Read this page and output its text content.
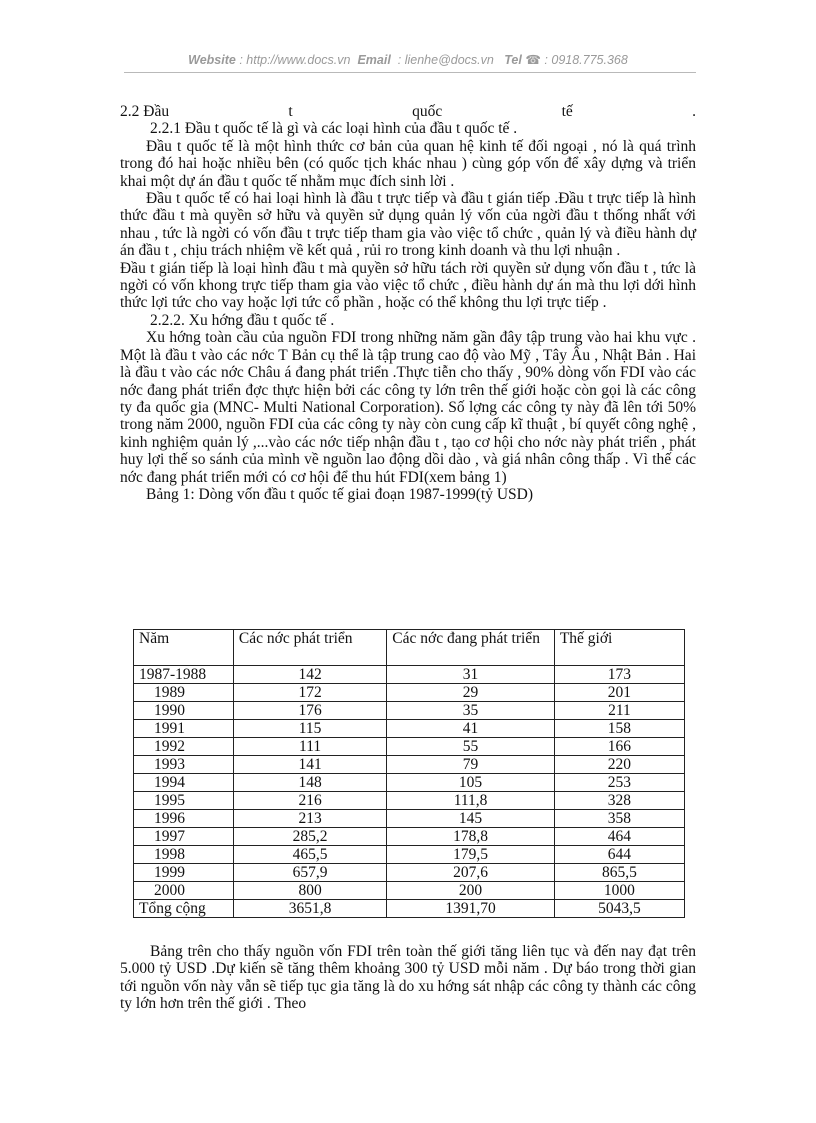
Website : http://www.docs.vn Email : lienhe@docs.vn Tel ☎ : 0918.775.368

2.2 Đầu	t	quốc	tế	.

2.2.1 Đầu t quốc tế là gì và các loại hình của đầu t quốc tế .

Đầu t quốc tế là một hình thức cơ bản của quan hệ kinh tế đối ngoại , nó là quá trình trong đó hai hoặc nhiều bên (có quốc tịch khác nhau ) cùng góp vốn để xây dựng và triển khai một dự án đầu t quốc tế nhằm mục đích sinh lời .

Đầu t quốc tế có hai loại hình là đầu t trực tiếp và đầu t gián tiếp .Đầu t trực tiếp là hình thức đầu t mà quyền sở hữu và quyền sử dụng quản lý vốn của ngời đầu t thống nhất với nhau , tức là ngời có vốn đầu t trực tiếp tham gia vào việc tổ chức , quản lý và điều hành dự án đầu t , chịu trách nhiệm về kết quả , rủi ro trong kinh doanh và thu lợi nhuận .

Đầu t gián tiếp là loại hình đầu t mà quyền sở hữu tách rời quyền sử dụng vốn đầu t , tức là ngời có vốn khong trực tiếp tham gia vào việc tổ chức , điều hành dự án mà thu lợi dới hình thức lợi tức cho vay hoặc lợi tức cổ phần , hoặc có thể không thu lợi trực tiếp .

2.2.2. Xu hớng đầu t quốc tế .

Xu hớng toàn cầu của nguồn FDI trong những năm gần đây tập trung vào hai khu vực . Một là đầu t vào các nớc T Bản cụ thể là tập trung cao độ vào Mỹ , Tây Âu , Nhật Bản . Hai là đầu t vào các nớc Châu á đang phát triển .Thực tiễn cho thấy , 90% dòng vốn FDI vào các nớc đang phát triển đợc thực hiện bởi các công ty lớn trên thế giới hoặc còn gọi là các công ty đa quốc gia (MNC- Multi National Corporation). Số lợng các công ty này đã lên tới 50% trong năm 2000, nguồn FDI của các công ty này còn cung cấp kĩ thuật , bí quyết công nghệ , kinh nghiệm quản lý ,...vào các nớc tiếp nhận đầu t , tạo cơ hội cho nớc này phát triển , phát huy lợi thế so sánh của mình về nguồn lao động dồi dào , và giá nhân công thấp . Vì thế các nớc đang phát triển mới có cơ hội để thu hút FDI(xem bảng 1)

Bảng 1: Dòng vốn đầu t quốc tế giai đoạn 1987-1999(tỷ USD)

Năm	Các nớc phát triển	Các nớc đang phát triển	Thế giới
1987-1988	142	31	173
1989	172	29	201
1990	176	35	211
1991	115	41	158
1992	111	55	166
1993	141	79	220
1994	148	105	253
1995	216	111,8	328
1996	213	145	358
1997	285,2	178,8	464
1998	465,5	179,5	644
1999	657,9	207,6	865,5
2000	800	200	1000
Tổng cộng	3651,8	1391,70	5043,5

Bảng trên cho thấy nguồn vốn FDI trên toàn thế giới tăng liên tục và đến nay đạt trên 5.000 tỷ USD .Dự kiến sẽ tăng thêm khoảng 300 tỷ USD mỗi năm . Dự báo trong thời gian tới nguồn vốn này vẫn sẽ tiếp tục gia tăng là do xu hớng sát nhập các công ty thành các công ty lớn hơn trên thế giới . Theo
